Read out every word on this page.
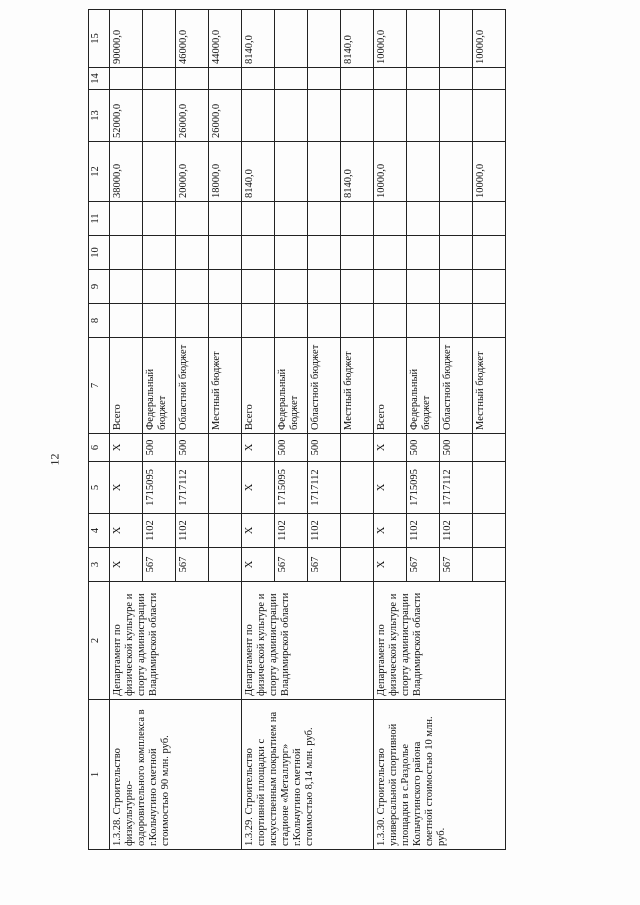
12
1	2	3	4	5	6	7	8	9	10	11	12	13	14	15
1.3.28. Строительство физкультурно-оздоровительного комплекса в г.Кольчугино сметной стоимостью 90 млн. руб.	Департамент по физической культуре и спорту администрации Владимирской области	X	X	X	X	Всего					38000,0	52000,0		90000,0
		567	1102	1715095	500	Федеральный бюджет								
		567	1102	1717112	500	Областной бюджет					20000,0	26000,0		46000,0
						Местный бюджет					18000,0	26000,0		44000,0
1.3.29. Строительство спортивной площадки с искусственным покрытием на стадионе «Металлург» г.Кольчугино сметной стоимостью 8,14 млн. руб.	Департамент по физической культуре и спорту администрации Владимирской области	X	X	X	X	Всего					8140,0			8140,0
		567	1102	1715095	500	Федеральный бюджет								
		567	1102	1717112	500	Областной бюджет								
						Местный бюджет					8140,0			8140,0
1.3.30. Строительство универсальной спортивной площадки в с.Раздолье Кольчугинского района сметной стоимостью 10 млн. руб.	Департамент по физической культуре и спорту администрации Владимирской области	X	X	X	X	Всего					10000,0			10000,0
		567	1102	1715095	500	Федеральный бюджет								
		567	1102	1717112	500	Областной бюджет								
						Местный бюджет					10000,0			10000,0
